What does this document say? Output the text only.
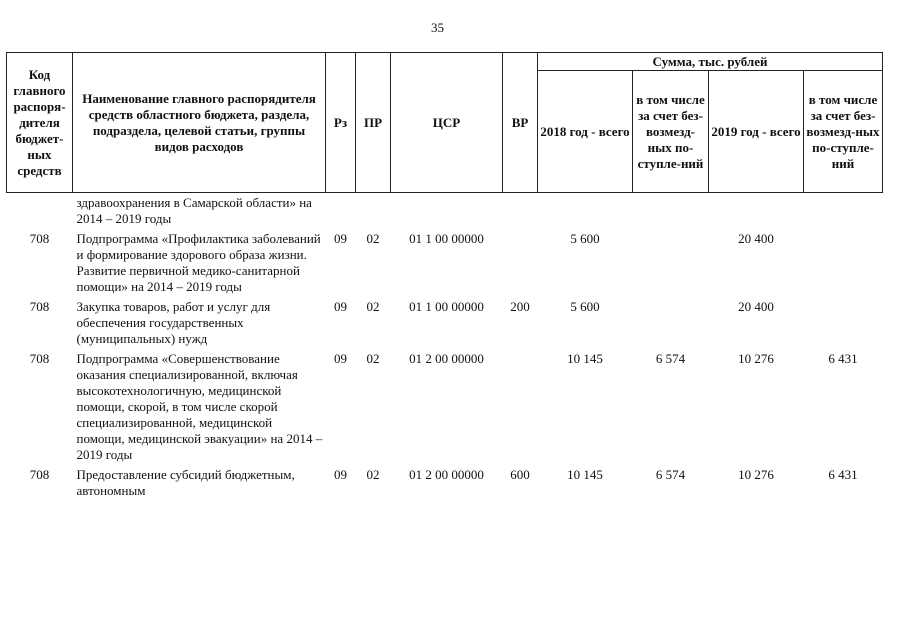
35
Код главного распоря-дителя бюджет-ных средств	Наименование главного распорядителя средств областного бюджета, раздела, подраздела, целевой статьи, группы видов расходов	Рз	ПР	ЦСР	ВР	Сумма, тыс. рублей			
						2018 год - всего	в том числе за счет без-возмезд-ных по-ступле-ний	2019 год - всего	в том числе за счет без-возмезд-ных по-ступле-ний
	здравоохранения в Самарской области» на 2014 – 2019 годы								
708	Подпрограмма «Профилактика заболеваний и формирование здорового образа жизни. Развитие первичной медико-санитарной помощи» на 2014 – 2019 годы	09	02	01 1 00 00000		5 600		20 400	
708	Закупка товаров, работ и услуг для обеспечения государственных (муниципальных) нужд	09	02	01 1 00 00000	200	5 600		20 400	
708	Подпрограмма «Совершенствование оказания специализированной, включая высокотехнологичную, медицинской помощи, скорой, в том числе скорой специализированной, медицинской помощи, медицинской эвакуации» на 2014 – 2019 годы	09	02	01 2 00 00000		10 145	6 574	10 276	6 431
708	Предоставление субсидий бюджетным, автономным	09	02	01 2 00 00000	600	10 145	6 574	10 276	6 431
